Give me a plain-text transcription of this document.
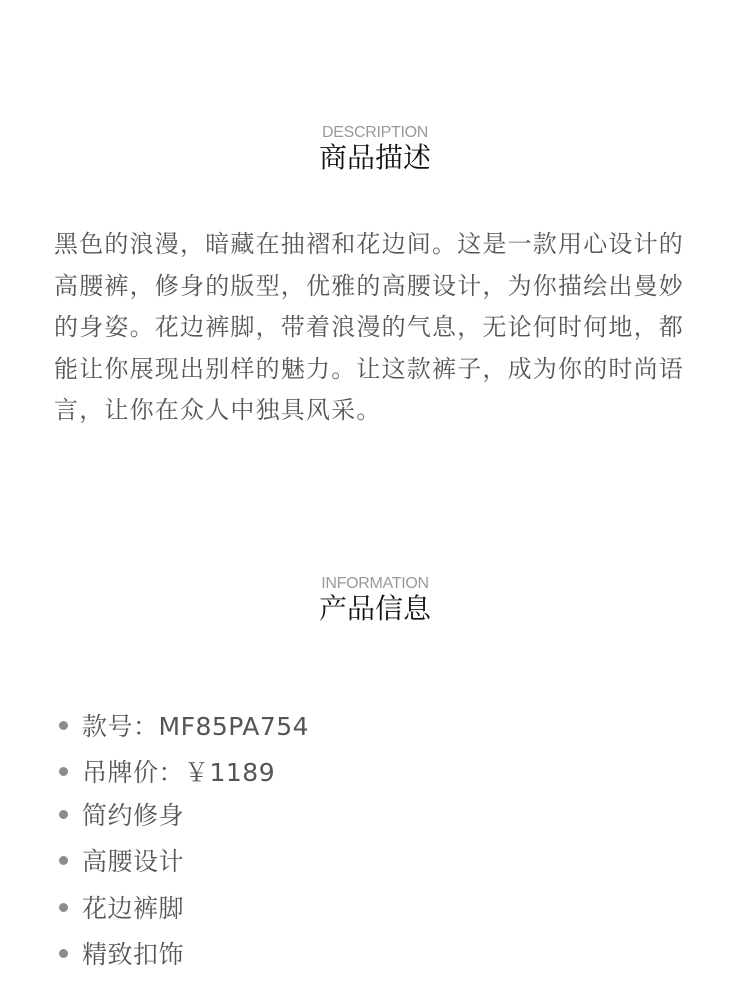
DESCRIPTION
商品描述

黑色的浪漫，暗藏在抽褶和花边间。这是一款用心设计的高腰裤，修身的版型，优雅的高腰设计，为你描绘出曼妙的身姿。花边裤脚，带着浪漫的气息，无论何时何地，都能让你展现出别样的魅力。让这款裤子，成为你的时尚语言，让你在众人中独具风采。

INFORMATION
产品信息
款号：MF85PA754
吊牌价：￥1189
简约修身
高腰设计
花边裤脚
精致扣饰
